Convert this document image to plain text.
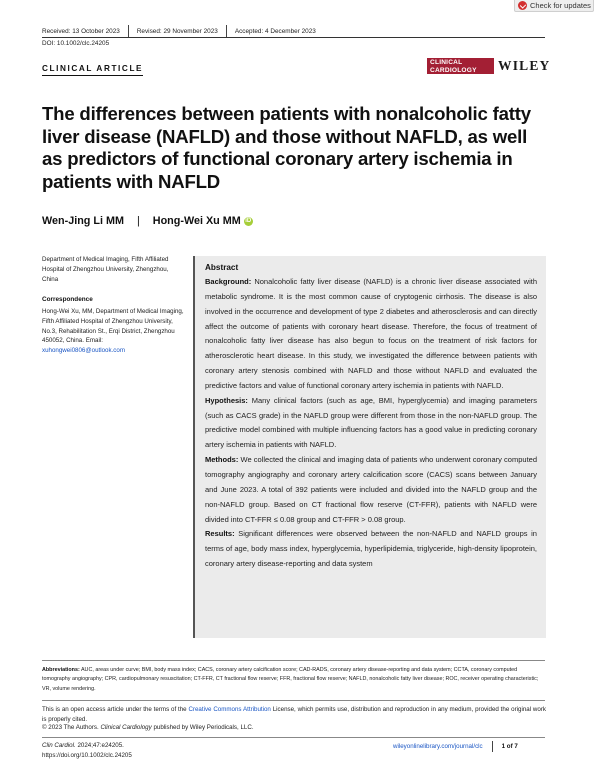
Check for updates
Received: 13 October 2023	Revised: 29 November 2023	Accepted: 4 December 2023
DOI: 10.1002/clc.24205
CLINICAL ARTICLE
CLINICAL
CARDIOLOGY	WILEY
The differences between patients with nonalcoholic fatty liver disease (NAFLD) and those without NAFLD, as well as predictors of functional coronary artery ischemia in patients with NAFLD
Wen-Jing Li MM | Hong-Wei Xu MM iD
Department of Medical Imaging, Fifth Affiliated Hospital of Zhengzhou University, Zhengzhou, China
Correspondence
Hong-Wei Xu, MM, Department of Medical Imaging, Fifth Affiliated Hospital of Zhengzhou University, No.3, Rehabilitation St., Erqi District, Zhengzhou 450052, China. Email: xuhongwei0806@outlook.com
Abstract

Background: Nonalcoholic fatty liver disease (NAFLD) is a chronic liver disease associated with metabolic syndrome. It is the most common cause of cryptogenic cirrhosis. The disease is also involved in the occurrence and development of type 2 diabetes and atherosclerosis and can directly affect the outcome of patients with coronary heart disease. Therefore, the focus of treatment of nonalcoholic fatty liver disease has also begun to focus on the treatment of risk factors for atherosclerotic heart disease. In this study, we investigated the difference between patients with coronary artery stenosis combined with NAFLD and those without NAFLD and evaluated the predictive factors and value of functional coronary artery ischemia in patients with NAFLD.

Hypothesis: Many clinical factors (such as age, BMI, hyperglycemia) and imaging parameters (such as CACS grade) in the NAFLD group were different from those in the non-NAFLD group. The predictive model combined with multiple influencing factors has a good value in predicting coronary artery ischemia in patients with NAFLD.

Methods: We collected the clinical and imaging data of patients who underwent coronary computed tomography angiography and coronary artery calcification score (CACS) scans between January and June 2023. A total of 392 patients were included and divided into the NAFLD group and the non-NAFLD group. Based on CT fractional flow reserve (CT-FFR), patients with NAFLD were divided into CT-FFR ≤ 0.08 group and CT-FFR > 0.08 group.

Results: Significant differences were observed between the non-NAFLD and NAFLD groups in terms of age, body mass index, hyperglycemia, hyperlipidemia, triglyceride, high-density lipoprotein, coronary artery disease-reporting and data system

Abbreviations: AUC, areas under curve; BMI, body mass index; CACS, coronary artery calcification score; CAD-RADS, coronary artery disease-reporting and data system; CCTA, coronary computed tomography angiography; CPR, cardiopulmonary resuscitation; CT-FFR, CT fractional flow reserve; FFR, fractional flow reserve; NAFLD, nonalcoholic fatty liver disease; ROC, receiver operating characteristic; VR, volume rendering.
This is an open access article under the terms of the Creative Commons Attribution License, which permits use, distribution and reproduction in any medium, provided the original work is properly cited.
© 2023 The Authors. Clinical Cardiology published by Wiley Periodicals, LLC.
Clin Cardiol. 2024;47:e24205.
https://doi.org/10.1002/clc.24205
wileyonlinelibrary.com/journal/clc	1 of 7
